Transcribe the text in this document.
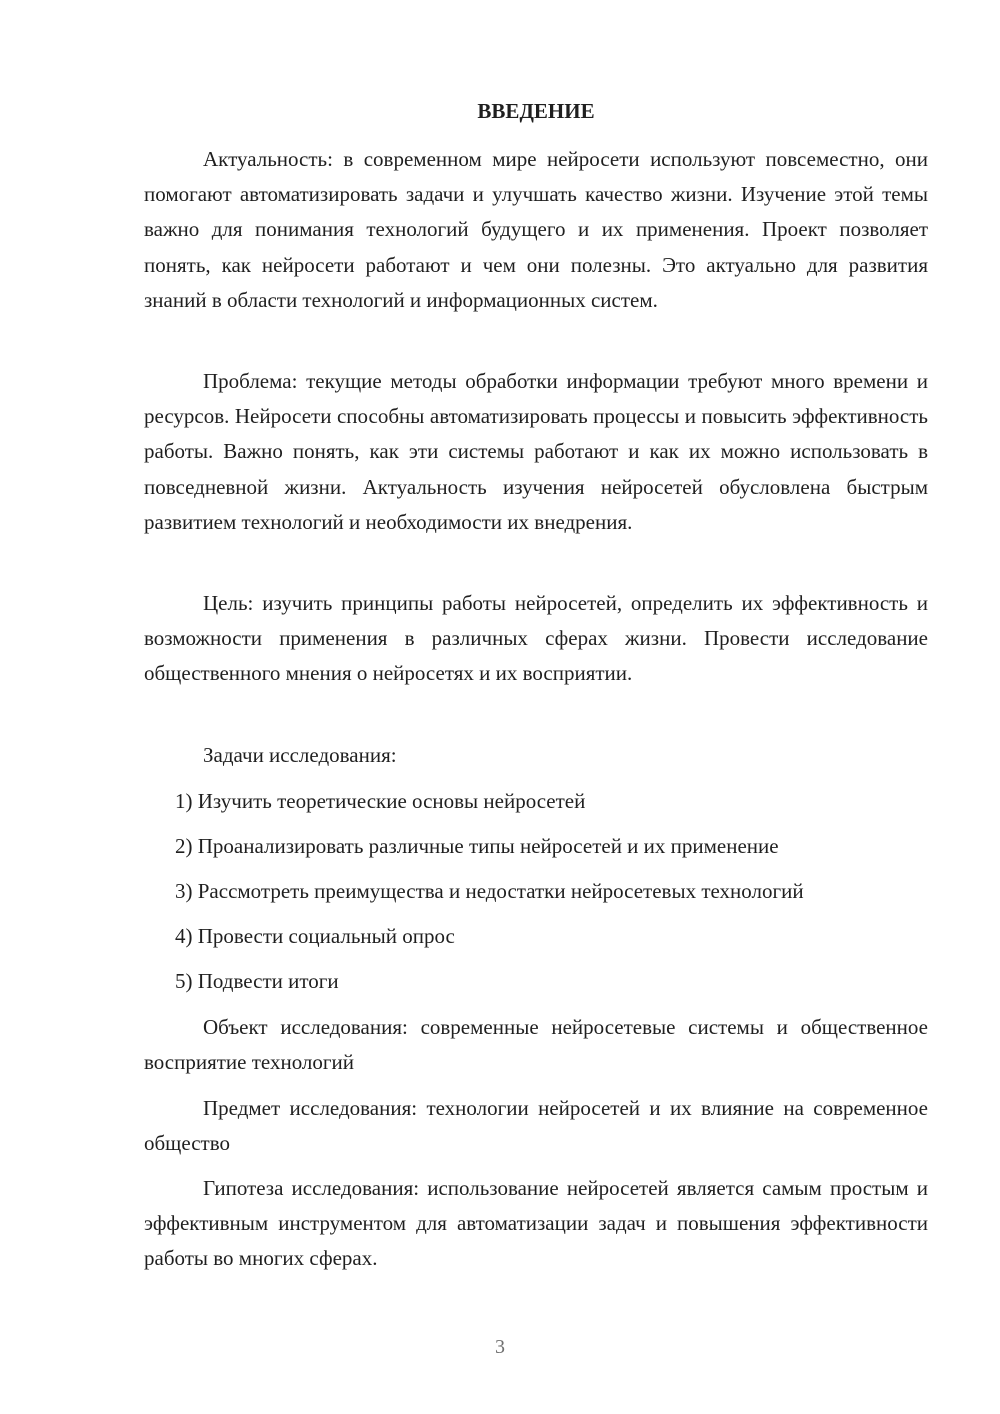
ВВЕДЕНИЕ

Актуальность: в современном мире нейросети используют повсеместно, они помогают автоматизировать задачи и улучшать качество жизни. Изучение этой темы важно для понимания технологий будущего и их применения. Проект позволяет понять, как нейросети работают и чем они полезны. Это актуально для развития знаний в области технологий и информационных систем.

Проблема: текущие методы обработки информации требуют много времени и ресурсов. Нейросети способны автоматизировать процессы и повысить эффективность работы. Важно понять, как эти системы работают и как их можно использовать в повседневной жизни. Актуальность изучения нейросетей обусловлена быстрым развитием технологий и необходимости их внедрения.

Цель: изучить принципы работы нейросетей, определить их эффективность и возможности применения в различных сферах жизни. Провести исследование общественного мнения о нейросетях и их восприятии.

Задачи исследования:

1) Изучить теоретические основы нейросетей

2) Проанализировать различные типы нейросетей и их применение

3) Рассмотреть преимущества и недостатки нейросетевых технологий

4) Провести социальный опрос

5) Подвести итоги

Объект исследования: современные нейросетевые системы и общественное восприятие технологий

Предмет исследования: технологии нейросетей и их влияние на современное общество

Гипотеза исследования: использование нейросетей является самым простым и эффективным инструментом для автоматизации задач и повышения эффективности работы во многих сферах.

3
